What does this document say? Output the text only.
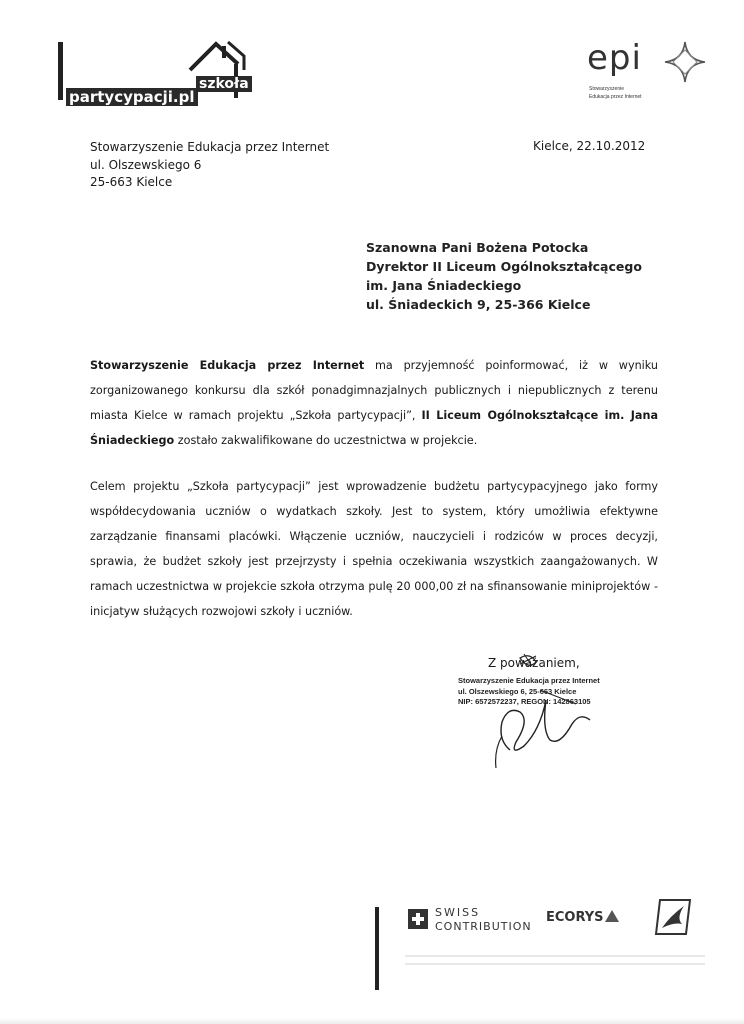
szkoła
partycypacji.pl
epi
Stowarzyszenie
Edukacja przez Internet
Stowarzyszenie Edukacja przez Internet
ul. Olszewskiego 6
25-663 Kielce
Kielce, 22.10.2012
Szanowna Pani Bożena Potocka
Dyrektor II Liceum Ogólnokształcącego
im. Jana Śniadeckiego
ul. Śniadeckich 9, 25-366 Kielce
Stowarzyszenie Edukacja przez Internet ma przyjemność poinformować, iż w wyniku zorganizowanego konkursu dla szkół ponadgimnazjalnych publicznych i niepublicznych z terenu miasta Kielce w ramach projektu „Szkoła partycypacji”, II Liceum Ogólnokształcące im. Jana Śniadeckiego zostało zakwalifikowane do uczestnictwa w projekcie.
Celem projektu „Szkoła partycypacji” jest wprowadzenie budżetu partycypacyjnego jako formy współdecydowania uczniów o wydatkach szkoły. Jest to system, który umożliwia efektywne zarządzanie finansami placówki. Włączenie uczniów, nauczycieli i rodziców w proces decyzji, sprawia, że budżet szkoły jest przejrzysty i spełnia oczekiwania wszystkich zaangażowanych. W ramach uczestnictwa w projekcie szkoła otrzyma pulę 20 000,00 zł na sfinansowanie miniprojektów - inicjatyw służących rozwojowi szkoły i uczniów.
Z poważaniem,
Stowarzyszenie Edukacja przez Internet
ul. Olszewskiego 6, 25-663 Kielce
NIP: 6572572237, REGON: 142863105
SWISS
CONTRIBUTION
ECORYS
